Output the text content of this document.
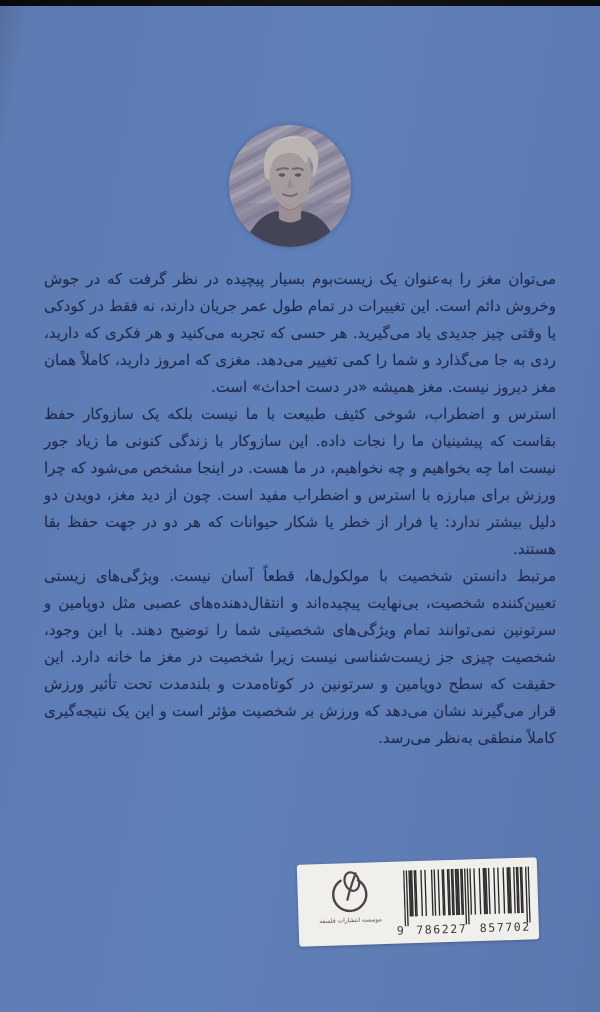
می‌توان مغز را به‌عنوان یک زیست‌بوم بسیار پیچیده در نظر گرفت که در جوش وخروش دائم است. این تغییرات در تمام طول عمر جریان دارند، نه فقط در کودکی یا وقتی چیز جدیدی یاد می‌گیرید. هر حسی که تجربه می‌کنید و هر فکری که دارید، ردی به جا می‌گذارد و شما را کمی تغییر می‌دهد. مغزی که امروز دارید، کاملاً همان مغز دیروز نیست. مغز همیشه «در دست احداث» است.

استرس و اضطراب، شوخی کثیف طبیعت با ما نیست بلکه یک سازوکار حفظ بقاست که پیشینیان ما را نجات داده. این سازوکار با زندگی کنونی ما زیاد جور نیست اما چه بخواهیم و چه نخواهیم، در ما هست. در اینجا مشخص می‌شود که چرا ورزش برای مبارزه با استرس و اضطراب مفید است. چون از دید مغز، دویدن دو دلیل بیشتر ندارد: یا فرار از خطر یا شکار حیوانات که هر دو در جهت حفظ بقا هستند.

مرتبط دانستن شخصیت با مولکول‌ها، قطعاً آسان نیست. ویژگی‌های زیستی تعیین‌کننده شخصیت، بی‌نهایت پیچیده‌اند و انتقال‌دهنده‌های عصبی مثل دوپامین و سرتونین نمی‌توانند تمام ویژگی‌های شخصیتی شما را توضیح دهند. با این وجود، شخصیت چیزی جز زیست‌شناسی نیست زیرا شخصیت در مغز ما خانه دارد. این حقیقت که سطح دوپامین و سرتونین در کوتاه‌مدت و بلندمدت تحت تأثیر ورزش قرار می‌گیرند نشان می‌دهد که ورزش بر شخصیت مؤثر است و این یک نتیجه‌گیری کاملاً منطقی به‌نظر می‌رسد.

موسسه انتشارات فلسفه
9 786227 857702
